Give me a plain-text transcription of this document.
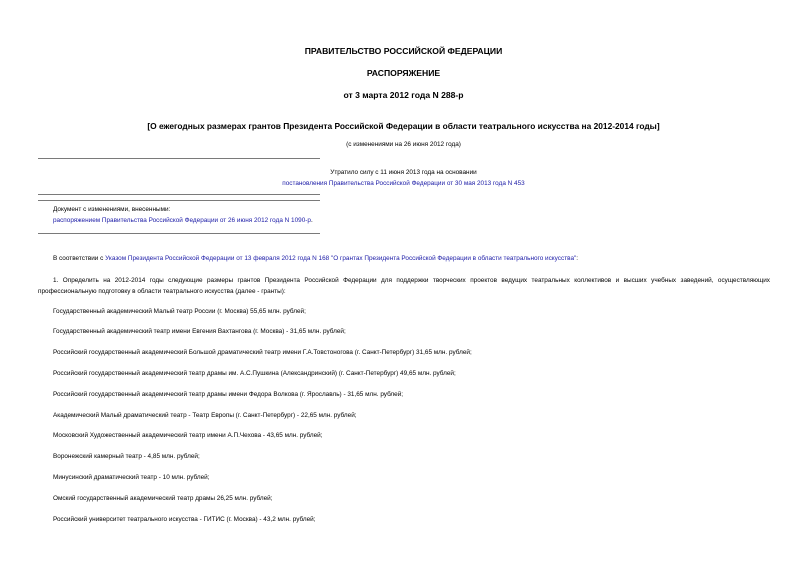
ПРАВИТЕЛЬСТВО РОССИЙСКОЙ ФЕДЕРАЦИИ
РАСПОРЯЖЕНИЕ
от 3 марта 2012 года N 288-р
[О ежегодных размерах грантов Президента Российской Федерации в области театрального искусства на 2012-2014 годы]
(с изменениями на 26 июня 2012 года)
Утратило силу с 11 июня 2013 года на основании
постановления Правительства Российской Федерации от 30 мая 2013 года N 453
Документ с изменениями, внесенными:
распоряжением Правительства Российской Федерации от 26 июня 2012 года N 1090-р.
В соответствии с Указом Президента Российской Федерации от 13 февраля 2012 года N 168 "О грантах Президента Российской Федерации в области театрального искусства":
1. Определить на 2012-2014 годы следующие размеры грантов Президента Российской Федерации для поддержки творческих проектов ведущих театральных коллективов и высших учебных заведений, осуществляющих профессиональную подготовку в области театрального искусства (далее - гранты):
Государственный академический Малый театр России (г. Москва) 55,65 млн. рублей;
Государственный академический театр имени Евгения Вахтангова (г. Москва) - 31,65 млн. рублей;
Российский государственный академический Большой драматический театр имени Г.А.Товстоногова (г. Санкт-Петербург) 31,65 млн. рублей;
Российский государственный академический театр драмы им. А.С.Пушкина (Александринский) (г. Санкт-Петербург) 49,65 млн. рублей;
Российский государственный академический театр драмы имени Федора Волкова (г. Ярославль) - 31,65 млн. рублей;
Академический Малый драматический театр - Театр Европы (г. Санкт-Петербург) - 22,65 млн. рублей;
Московский Художественный академический театр имени А.П.Чехова - 43,65 млн. рублей;
Воронежский камерный театр - 4,85 млн. рублей;
Минусинский драматический театр - 10 млн. рублей;
Омский государственный академический театр драмы 26,25 млн. рублей;
Российский университет театрального искусства - ГИТИС (г. Москва) - 43,2 млн. рублей;
